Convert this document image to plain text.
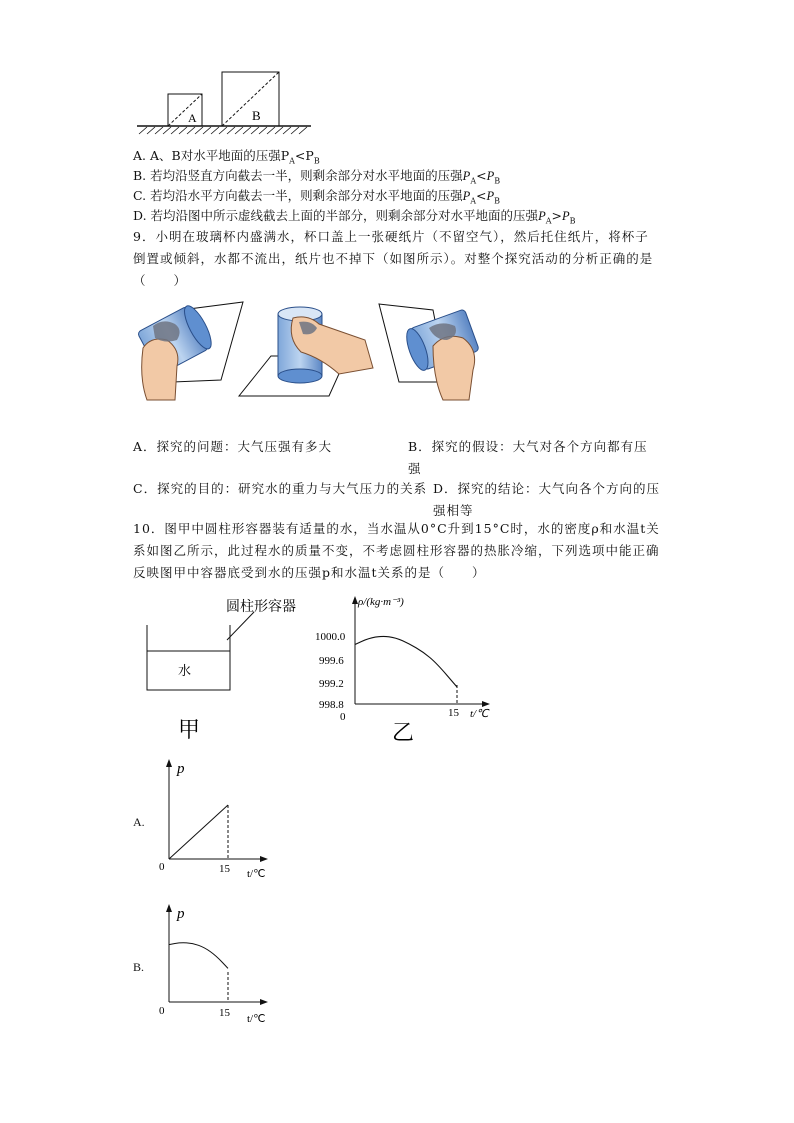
A	B
A. A、B对水平地面的压强$P_A<P_B$
B. 若均沿竖直方向截去一半，则剩余部分对水平地面的压强$P_A<P_B$
C. 若均沿水平方向截去一半，则剩余部分对水平地面的压强$P_A<P_B$
D. 若均沿图中所示虚线截去上面的半部分，则剩余部分对水平地面的压强$P_A>P_B$
9．小明在玻璃杯内盛满水，杯口盖上一张硬纸片（不留空气），然后托住纸片，将杯子倒置或倾斜，水都不流出，纸片也不掉下（如图所示）。对整个探究活动的分析正确的是（　　）
A．探究的问题：大气压强有多大	B．探究的假设：大气对各个方向都有压强
C．探究的目的：研究水的重力与大气压力的关系 D．探究的结论：大气向各个方向的压强相等
10．图甲中圆柱形容器装有适量的水，当水温从0°C升到15°C时，水的密度ρ和水温t关系如图乙所示，此过程水的质量不变，不考虑圆柱形容器的热胀冷缩，下列选项中能正确反映图甲中容器底受到水的压强p和水温t关系的是（　　）
圆柱形容器
水
甲
ρ/(kg·m⁻³)
t/℃
0	15
1000.0
999.6
999.2
998.8
乙
A.
p
0	15 t/℃
B.
p
0	15 t/℃
